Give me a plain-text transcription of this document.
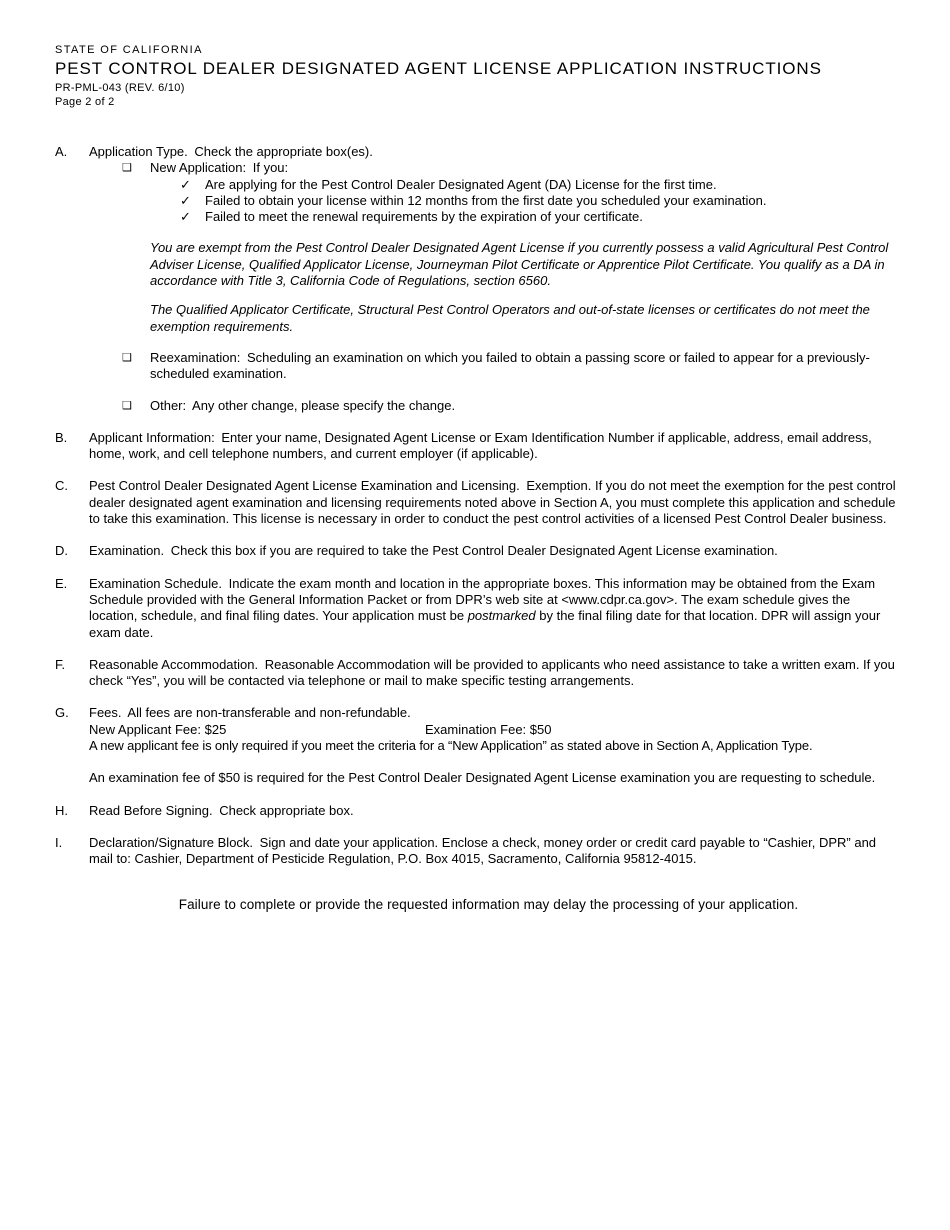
STATE OF CALIFORNIA
PEST CONTROL DEALER DESIGNATED AGENT LICENSE APPLICATION INSTRUCTIONS
PR-PML-043 (REV. 6/10)
Page 2 of 2
A.	Application Type. Check the appropriate box(es).
❑	New Application: If you:
✓	Are applying for the Pest Control Dealer Designated Agent (DA) License for the first time.
✓	Failed to obtain your license within 12 months from the first date you scheduled your examination.
✓	Failed to meet the renewal requirements by the expiration of your certificate.

You are exempt from the Pest Control Dealer Designated Agent License if you currently possess a valid Agricultural Pest Control Adviser License, Qualified Applicator License, Journeyman Pilot Certificate or Apprentice Pilot Certificate. You qualify as a DA in accordance with Title 3, California Code of Regulations, section 6560.

The Qualified Applicator Certificate, Structural Pest Control Operators and out-of-state licenses or certificates do not meet the exemption requirements.

❑	Reexamination: Scheduling an examination on which you failed to obtain a passing score or failed to appear for a previously-scheduled examination.
❑	Other: Any other change, please specify the change.
B.	Applicant Information: Enter your name, Designated Agent License or Exam Identification Number if applicable, address, email address, home, work, and cell telephone numbers, and current employer (if applicable).
C.	Pest Control Dealer Designated Agent License Examination and Licensing. Exemption. If you do not meet the exemption for the pest control dealer designated agent examination and licensing requirements noted above in Section A, you must complete this application and schedule to take this examination. This license is necessary in order to conduct the pest control activities of a licensed Pest Control Dealer business.
D.	Examination. Check this box if you are required to take the Pest Control Dealer Designated Agent License examination.
E.	Examination Schedule. Indicate the exam month and location in the appropriate boxes. This information may be obtained from the Exam Schedule provided with the General Information Packet or from DPR’s web site at <www.cdpr.ca.gov>. The exam schedule gives the location, schedule, and final filing dates. Your application must be postmarked by the final filing date for that location. DPR will assign your exam date.
F.	Reasonable Accommodation. Reasonable Accommodation will be provided to applicants who need assistance to take a written exam. If you check “Yes”, you will be contacted via telephone or mail to make specific testing arrangements.
G.	Fees. All fees are non-transferable and non-refundable.
New Applicant Fee: $25	Examination Fee: $50
A new applicant fee is only required if you meet the criteria for a “New Application” as stated above in Section A, Application Type.

An examination fee of $50 is required for the Pest Control Dealer Designated Agent License examination you are requesting to schedule.

H.	Read Before Signing. Check appropriate box.
I.	Declaration/Signature Block. Sign and date your application. Enclose a check, money order or credit card payable to “Cashier, DPR” and mail to: Cashier, Department of Pesticide Regulation, P.O. Box 4015, Sacramento, California 95812-4015.

Failure to complete or provide the requested information may delay the processing of your application.
